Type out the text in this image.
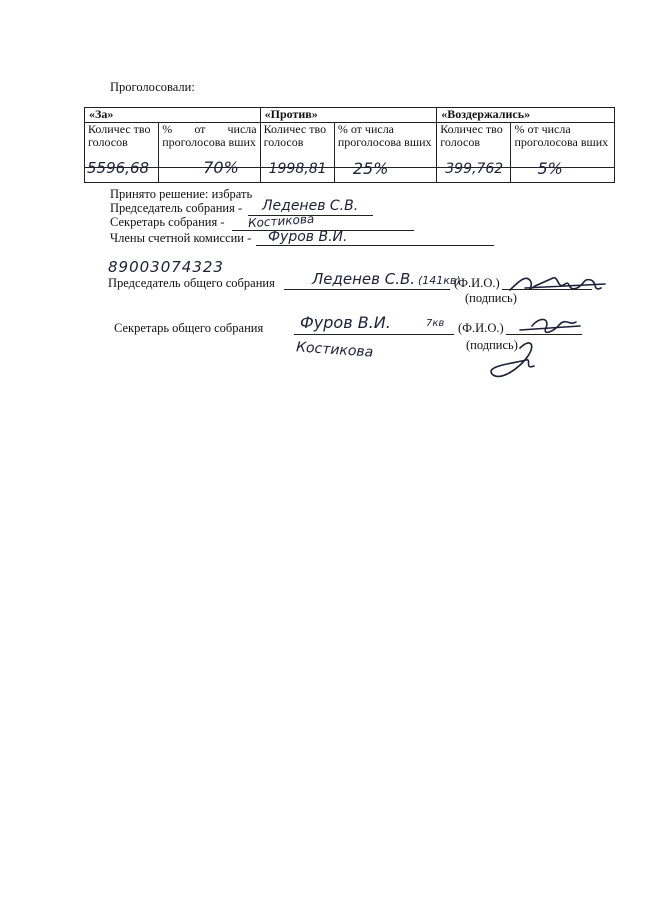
Проголосовали:
«За»		«Против»		«Воздержались»	
Количес тво голосов	% от числа проголосова вших	Количес тво голосов	% от числа проголосова вших	Количес тво голосов	% от числа проголосова вших

5596,68	70%	1998,81	25%	399,762	5%
Принято решение: избрать
Председатель собрания - Леденев С.В.
Секретарь собрания - Костикова
Члены счетной комиссии - Фуров В.И.
89003074323
Председатель общего собрания Леденев С.В. (141кв)
(Ф.И.О.)
(подпись)
Секретарь общего собрания Фуров В.И.	7кв (Ф.И.О.)
(подпись)
Костикова
